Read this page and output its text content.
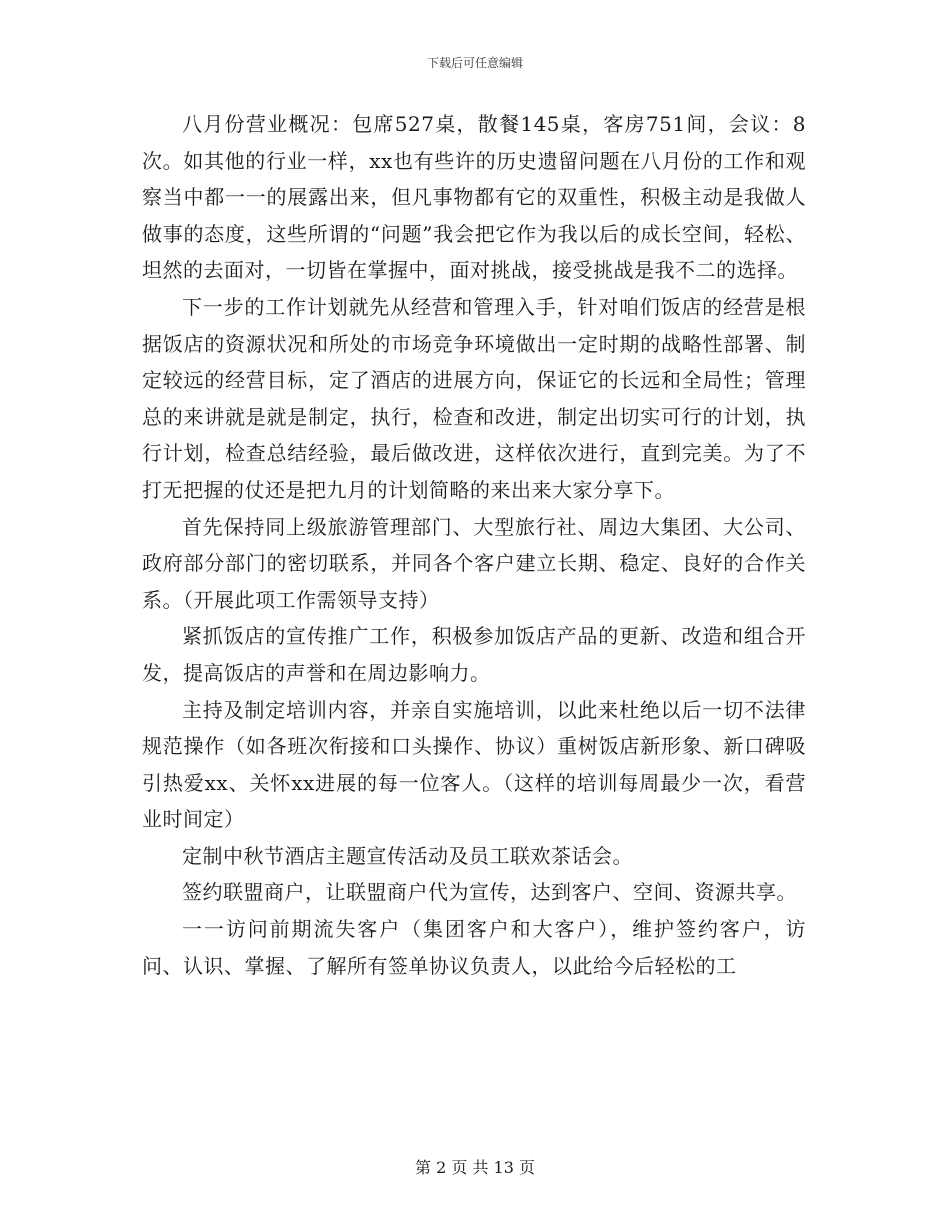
下载后可任意编辑

八月份营业概况：包席527桌，散餐145桌，客房751间，会议：8次。如其他的行业一样，xx也有些许的历史遗留问题在八月份的工作和观察当中都一一的展露出来，但凡事物都有它的双重性，积极主动是我做人做事的态度，这些所谓的“问题”我会把它作为我以后的成长空间，轻松、坦然的去面对，一切皆在掌握中，面对挑战，接受挑战是我不二的选择。

下一步的工作计划就先从经营和管理入手，针对咱们饭店的经营是根据饭店的资源状况和所处的市场竞争环境做出一定时期的战略性部署、制定较远的经营目标，定了酒店的进展方向，保证它的长远和全局性；管理总的来讲就是就是制定，执行，检查和改进，制定出切实可行的计划，执行计划，检查总结经验，最后做改进，这样依次进行，直到完美。为了不打无把握的仗还是把九月的计划简略的来出来大家分享下。

首先保持同上级旅游管理部门、大型旅行社、周边大集团、大公司、政府部分部门的密切联系，并同各个客户建立长期、稳定、良好的合作关系。（开展此项工作需领导支持）

紧抓饭店的宣传推广工作，积极参加饭店产品的更新、改造和组合开发，提高饭店的声誉和在周边影响力。

主持及制定培训内容，并亲自实施培训，以此来杜绝以后一切不法律规范操作（如各班次衔接和口头操作、协议）重树饭店新形象、新口碑吸引热爱xx、关怀xx进展的每一位客人。（这样的培训每周最少一次，看营业时间定）

定制中秋节酒店主题宣传活动及员工联欢茶话会。

签约联盟商户，让联盟商户代为宣传，达到客户、空间、资源共享。

一一访问前期流失客户（集团客户和大客户），维护签约客户，访问、认识、掌握、了解所有签单协议负责人，以此给今后轻松的工

第 2 页 共 13 页
